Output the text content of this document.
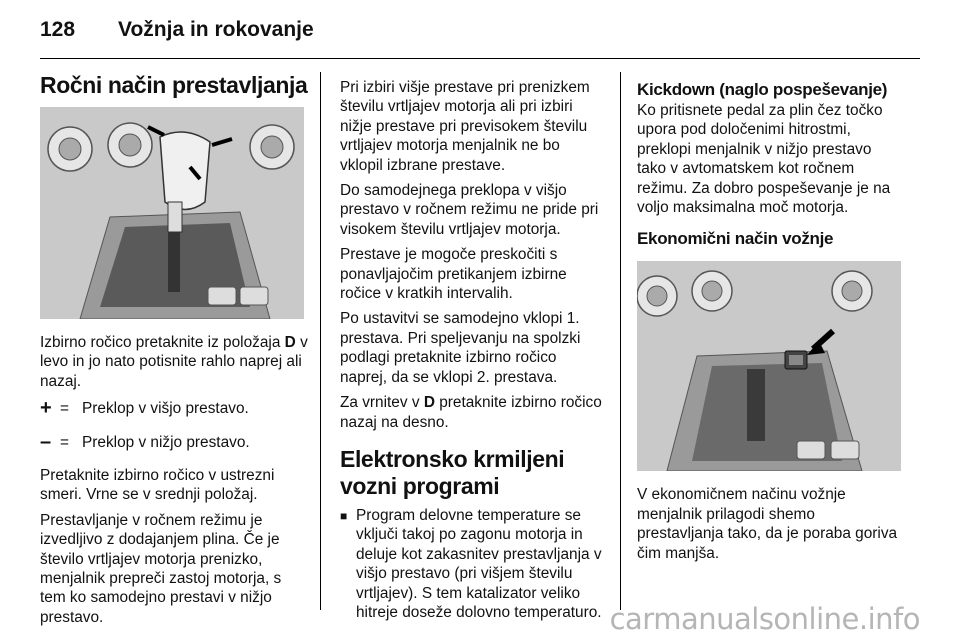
128 Vožnja in rokovanje
Ročni način prestavljanja

Izbirno ročico pretaknite iz položaja D v levo in jo nato potisnite rahlo naprej ali nazaj.

+ = Preklop v višjo prestavo.
– = Preklop v nižjo prestavo.

Pretaknite izbirno ročico v ustrezni smeri. Vrne se v srednji položaj.

Prestavljanje v ročnem režimu je izvedljivo z dodajanjem plina. Če je število vrtljajev motorja prenizko, menjalnik prepreči zastoj motorja, s tem ko samodejno prestavi v nižjo prestavo.

Pri izbiri višje prestave pri prenizkem številu vrtljajev motorja ali pri izbiri nižje prestave pri previsokem številu vrtljajev motorja menjalnik ne bo vklopil izbrane prestave.

Do samodejnega preklopa v višjo prestavo v ročnem režimu ne pride pri visokem številu vrtljajev motorja.

Prestave je mogoče preskočiti s ponavljajočim pretikanjem izbirne ročice v kratkih intervalih.

Po ustavitvi se samodejno vklopi 1. prestava. Pri speljevanju na spolzki podlagi pretaknite izbirno ročico naprej, da se vklopi 2. prestava.

Za vrnitev v D pretaknite izbirno ročico nazaj na desno.

Elektronsko krmiljeni vozni programi
■ Program delovne temperature se vključi takoj po zagonu motorja in deluje kot zakasnitev prestavljanja v višjo prestavo (pri višjem številu vrtljajev). S tem katalizator veliko hitreje doseže dolovno temperaturo.
Kickdown (naglo pospeševanje)

Ko pritisnete pedal za plin čez točko upora pod določenimi hitrostmi, preklopi menjalnik v nižjo prestavo tako v avtomatskem kot ročnem režimu. Za dobro pospeševanje je na voljo maksimalna moč motorja.

Ekonomični način vožnje

V ekonomičnem načinu vožnje menjalnik prilagodi shemo prestavljanja tako, da je poraba goriva čim manjša.

carmanualsonline.info
